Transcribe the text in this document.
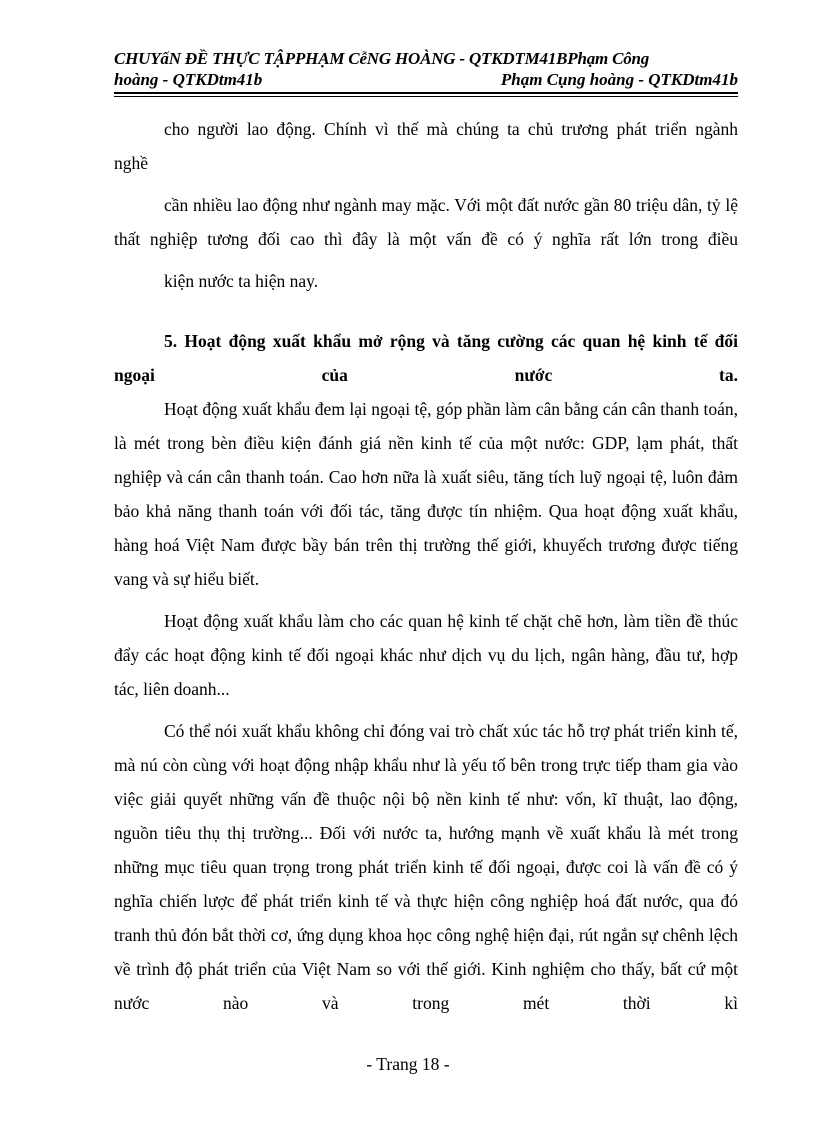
CHUYấN ĐỀ THỰC TẬPPHẠM CễNG HOÀNG - QTKDTM41BPhạm Công
hoàng - QTKDtm41b	Phạm Cụng hoàng - QTKDtm41b

cho người lao động. Chính vì thế mà chúng ta chủ trương phát triển ngành

nghề

cần nhiều lao động như ngành may mặc. Với một đất nước gần 80 triệu dân, tỷ lệ thất nghiệp tương đối cao thì đây là một vấn đề có ý nghĩa rất lớn trong điều

kiện nước ta hiện nay.

5. Hoạt động xuất khẩu mở rộng và tăng cường các quan hệ kinh tế đối ngoại của nước ta.

Hoạt động xuất khẩu đem lại ngoại tệ, góp phần làm cân bằng cán cân thanh toán, là mét trong bèn điều kiện đánh giá nền kinh tế của một nước: GDP, lạm phát, thất nghiệp và cán cân thanh toán. Cao hơn nữa là xuất siêu, tăng tích luỹ ngoại tệ, luôn đảm bảo khả năng thanh toán với đối tác, tăng được tín nhiệm. Qua hoạt động xuất khẩu, hàng hoá Việt Nam được bầy bán trên thị trường thế giới, khuyếch trương được tiếng vang và sự hiểu biết.

Hoạt động xuất khẩu làm cho các quan hệ kinh tế chặt chẽ hơn, làm tiền đề thúc đẩy các hoạt động kinh tế đối ngoại khác như dịch vụ du lịch, ngân hàng, đầu tư, hợp tác, liên doanh...

Có thể nói xuất khẩu không chỉ đóng vai trò chất xúc tác hỗ trợ phát triển kinh tế, mà nú còn cùng với hoạt động nhập khẩu như là yếu tố bên trong trực tiếp tham gia vào việc giải quyết những vấn đề thuộc nội bộ nền kinh tế như: vốn, kĩ thuật, lao động, nguồn tiêu thụ thị trường... Đối với nước ta, hướng mạnh về xuất khẩu là mét trong những mục tiêu quan trọng trong phát triển kinh tế đối ngoại, được coi là vấn đề có ý nghĩa chiến lược để phát triển kinh tế và thực hiện công nghiệp hoá đất nước, qua đó tranh thủ đón bắt thời cơ, ứng dụng khoa học công nghệ hiện đại, rút ngắn sự chênh lệch về trình độ phát triển của Việt Nam so với thế giới. Kinh nghiệm cho thấy, bất cứ một nước nào và trong mét thời kì

- Trang 18 -
